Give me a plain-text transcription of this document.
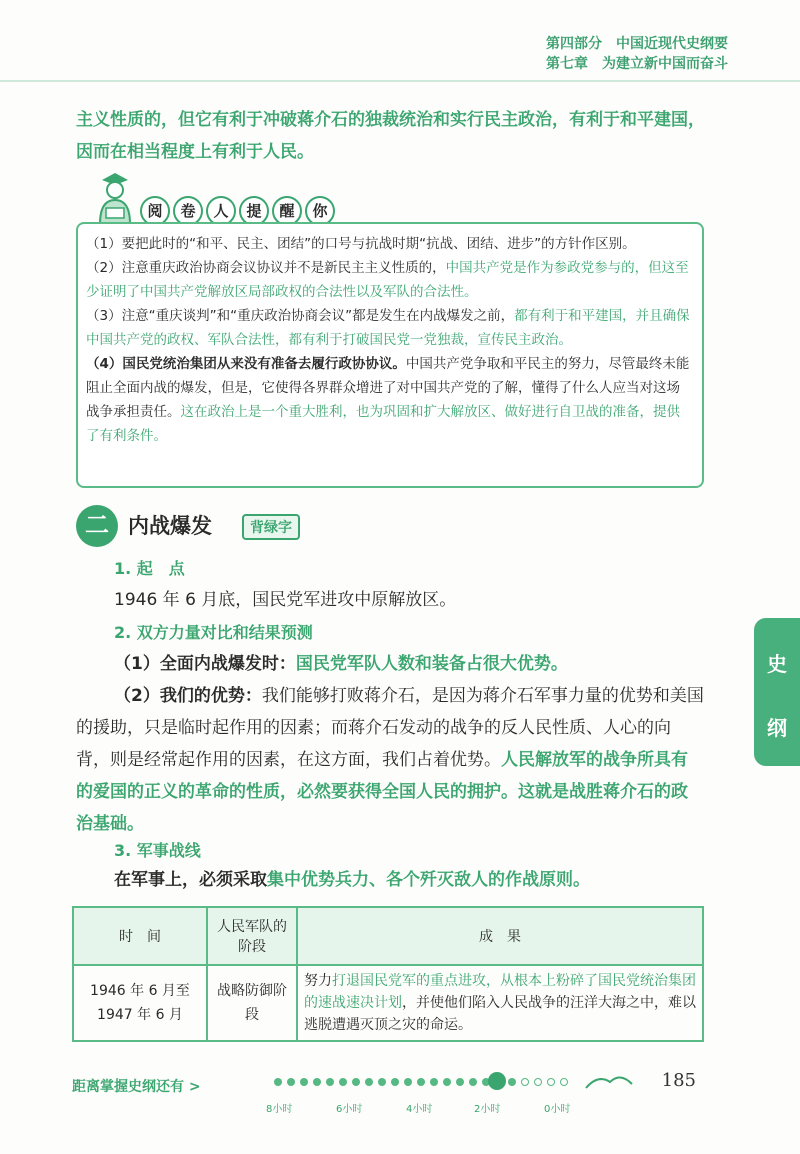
第四部分　中国近现代史纲要
第七章　为建立新中国而奋斗
主义性质的，但它有利于冲破蒋介石的独裁统治和实行民主政治，有利于和平建国，因而在相当程度上有利于人民。
阅	卷	人	提	醒	你

（1）要把此时的“和平、民主、团结”的口号与抗战时期“抗战、团结、进步”的方针作区别。

（2）注意重庆政治协商会议协议并不是新民主主义性质的，中国共产党是作为参政党参与的，但这至少证明了中国共产党解放区局部政权的合法性以及军队的合法性。

（3）注意“重庆谈判”和“重庆政治协商会议”都是发生在内战爆发之前，都有利于和平建国，并且确保中国共产党的政权、军队合法性，都有利于打破国民党一党独裁，宣传民主政治。

（4）国民党统治集团从来没有准备去履行政协协议。中国共产党争取和平民主的努力，尽管最终未能阻止全面内战的爆发，但是，它使得各界群众增进了对中国共产党的了解，懂得了什么人应当对这场战争承担责任。这在政治上是一个重大胜利，也为巩固和扩大解放区、做好进行自卫战的准备，提供了有利条件。

二 内战爆发	背绿字
1. 起　点
1946 年 6 月底，国民党军进攻中原解放区。
2. 双方力量对比和结果预测
（1）全面内战爆发时：国民党军队人数和装备占很大优势。
（2）我们的优势：我们能够打败蒋介石，是因为蒋介石军事力量的优势和美国的援助，只是临时起作用的因素；而蒋介石发动的战争的反人民性质、人心的向背，则是经常起作用的因素，在这方面，我们占着优势。人民解放军的战争所具有的爱国的正义的革命的性质，必然要获得全国人民的拥护。这就是战胜蒋介石的政治基础。
3. 军事战线
在军事上，必须采取集中优势兵力、各个歼灭敌人的作战原则。
史
纲
时　间	人民军队的阶段	成　果
1946 年 6 月至 1947 年 6 月	战略防御阶段	努力打退国民党军的重点进攻，从根本上粉碎了国民党统治集团的速战速决计划，并使他们陷入人民战争的汪洋大海之中，难以逃脱遭遇灭顶之灾的命运。
距离掌握史纲还有 >
8小时	6小时	4小时	2小时	0小时
185
